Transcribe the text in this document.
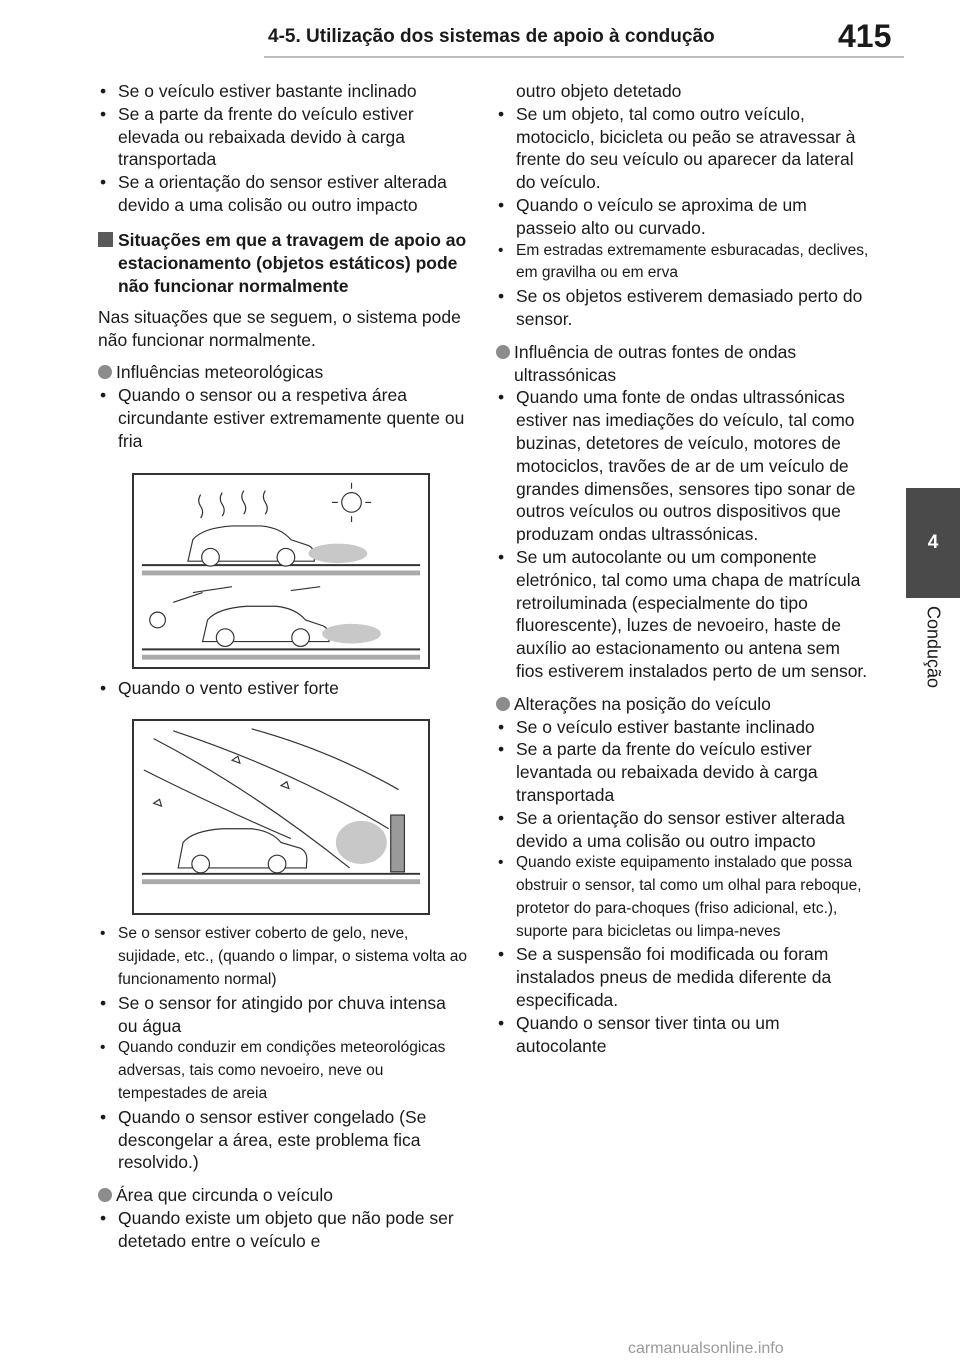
4-5. Utilização dos sistemas de apoio à condução	415
4
Condução
• Se o veículo estiver bastante inclinado
• Se a parte da frente do veículo estiver elevada ou rebaixada devido à carga transportada
• Se a orientação do sensor estiver alterada devido a uma colisão ou outro impacto
Situações em que a travagem de apoio ao estacionamento (objetos estáticos) pode não funcionar normalmente
Nas situações que se seguem, o sistema pode não funcionar normalmente.
Influências meteorológicas
• Quando o sensor ou a respetiva área circundante estiver extremamente quente ou fria
• Quando o vento estiver forte
• Se o sensor estiver coberto de gelo, neve, sujidade, etc., (quando o limpar, o sistema volta ao funcionamento normal)
• Se o sensor for atingido por chuva intensa ou água
• Quando conduzir em condições meteorológicas adversas, tais como nevoeiro, neve ou tempestades de areia
• Quando o sensor estiver congelado (Se descongelar a área, este problema fica resolvido.)
Área que circunda o veículo
• Quando existe um objeto que não pode ser detetado entre o veículo e
outro objeto detetado
• Se um objeto, tal como outro veículo, motociclo, bicicleta ou peão se atravessar à frente do seu veículo ou aparecer da lateral do veículo.
• Quando o veículo se aproxima de um passeio alto ou curvado.
• Em estradas extremamente esburacadas, declives, em gravilha ou em erva
• Se os objetos estiverem demasiado perto do sensor.
Influência de outras fontes de ondas ultrassónicas
• Quando uma fonte de ondas ultrassónicas estiver nas imediações do veículo, tal como buzinas, detetores de veículo, motores de motociclos, travões de ar de um veículo de grandes dimensões, sensores tipo sonar de outros veículos ou outros dispositivos que produzam ondas ultrassónicas.
• Se um autocolante ou um componente eletrónico, tal como uma chapa de matrícula retroiluminada (especialmente do tipo fluorescente), luzes de nevoeiro, haste de auxílio ao estacionamento ou antena sem fios estiverem instalados perto de um sensor.
Alterações na posição do veículo
• Se o veículo estiver bastante inclinado
• Se a parte da frente do veículo estiver levantada ou rebaixada devido à carga transportada
• Se a orientação do sensor estiver alterada devido a uma colisão ou outro impacto
• Quando existe equipamento instalado que possa obstruir o sensor, tal como um olhal para reboque, protetor do para-choques (friso adicional, etc.), suporte para bicicletas ou limpa-neves
• Se a suspensão foi modificada ou foram instalados pneus de medida diferente da especificada.
• Quando o sensor tiver tinta ou um autocolante
carmanualsonline.info
